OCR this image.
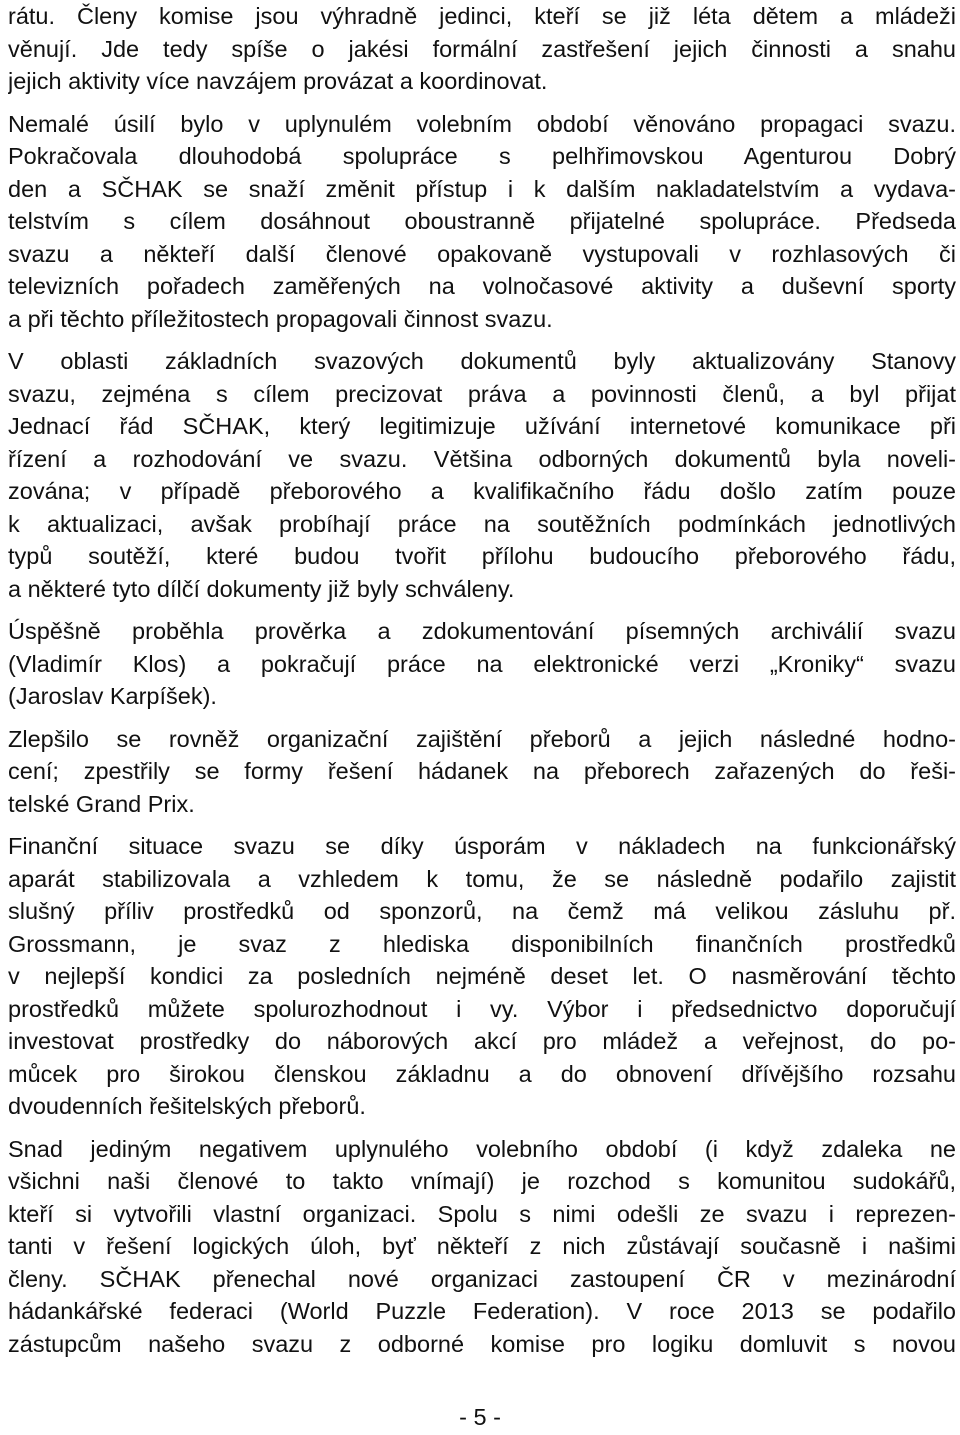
rátu. Členy komise jsou výhradně jedinci, kteří se již léta dětem a mládeži
věnují. Jde tedy spíše o jakési formální zastřešení jejich činnosti a snahu
jejich aktivity více navzájem provázat a koordinovat.
Nemalé úsilí bylo v uplynulém volebním období věnováno propagaci svazu.
Pokračovala dlouhodobá spolupráce s pelhřimovskou Agenturou Dobrý
den a SČHAK se snaží změnit přístup i k dalším nakladatelstvím a vydava-
telstvím s cílem dosáhnout oboustranně přijatelné spolupráce. Předseda
svazu a někteří další členové opakovaně vystupovali v rozhlasových či
televizních pořadech zaměřených na volnočasové aktivity a duševní sporty
a při těchto příležitostech propagovali činnost svazu.
V oblasti základních svazových dokumentů byly aktualizovány Stanovy
svazu, zejména s cílem precizovat práva a povinnosti členů, a byl přijat
Jednací řád SČHAK, který legitimizuje užívání internetové komunikace při
řízení a rozhodování ve svazu. Většina odborných dokumentů byla noveli-
zována; v případě přeborového a kvalifikačního řádu došlo zatím pouze
k aktualizaci, avšak probíhají práce na soutěžních podmínkách jednotlivých
typů soutěží, které budou tvořit přílohu budoucího přeborového řádu,
a některé tyto dílčí dokumenty již byly schváleny.
Úspěšně proběhla prověrka a zdokumentování písemných archiválií svazu
(Vladimír Klos) a pokračují práce na elektronické verzi „Kroniky“ svazu
(Jaroslav Karpíšek).
Zlepšilo se rovněž organizační zajištění přeborů a jejich následné hodno-
cení; zpestřily se formy řešení hádanek na přeborech zařazených do řeši-
telské Grand Prix.
Finanční situace svazu se díky úsporám v nákladech na funkcionářský
aparát stabilizovala a vzhledem k tomu, že se následně podařilo zajistit
slušný příliv prostředků od sponzorů, na čemž má velikou zásluhu př.
Grossmann, je svaz z hlediska disponibilních finančních prostředků
v nejlepší kondici za posledních nejméně deset let. O nasměrování těchto
prostředků můžete spolurozhodnout i vy. Výbor i předsednictvo doporučují
investovat prostředky do náborových akcí pro mládež a veřejnost, do po-
můcek pro širokou členskou základnu a do obnovení dřívějšího rozsahu
dvoudenních řešitelských přeborů.
Snad jediným negativem uplynulého volebního období (i když zdaleka ne
všichni naši členové to takto vnímají) je rozchod s komunitou sudokářů,
kteří si vytvořili vlastní organizaci. Spolu s nimi odešli ze svazu i reprezen-
tanti v řešení logických úloh, byť někteří z nich zůstávají současně i našimi
členy. SČHAK přenechal nové organizaci zastoupení ČR v mezinárodní
hádankářské federaci (World Puzzle Federation). V roce 2013 se podařilo
zástupcům našeho svazu z odborné komise pro logiku domluvit s novou
- 5 -
